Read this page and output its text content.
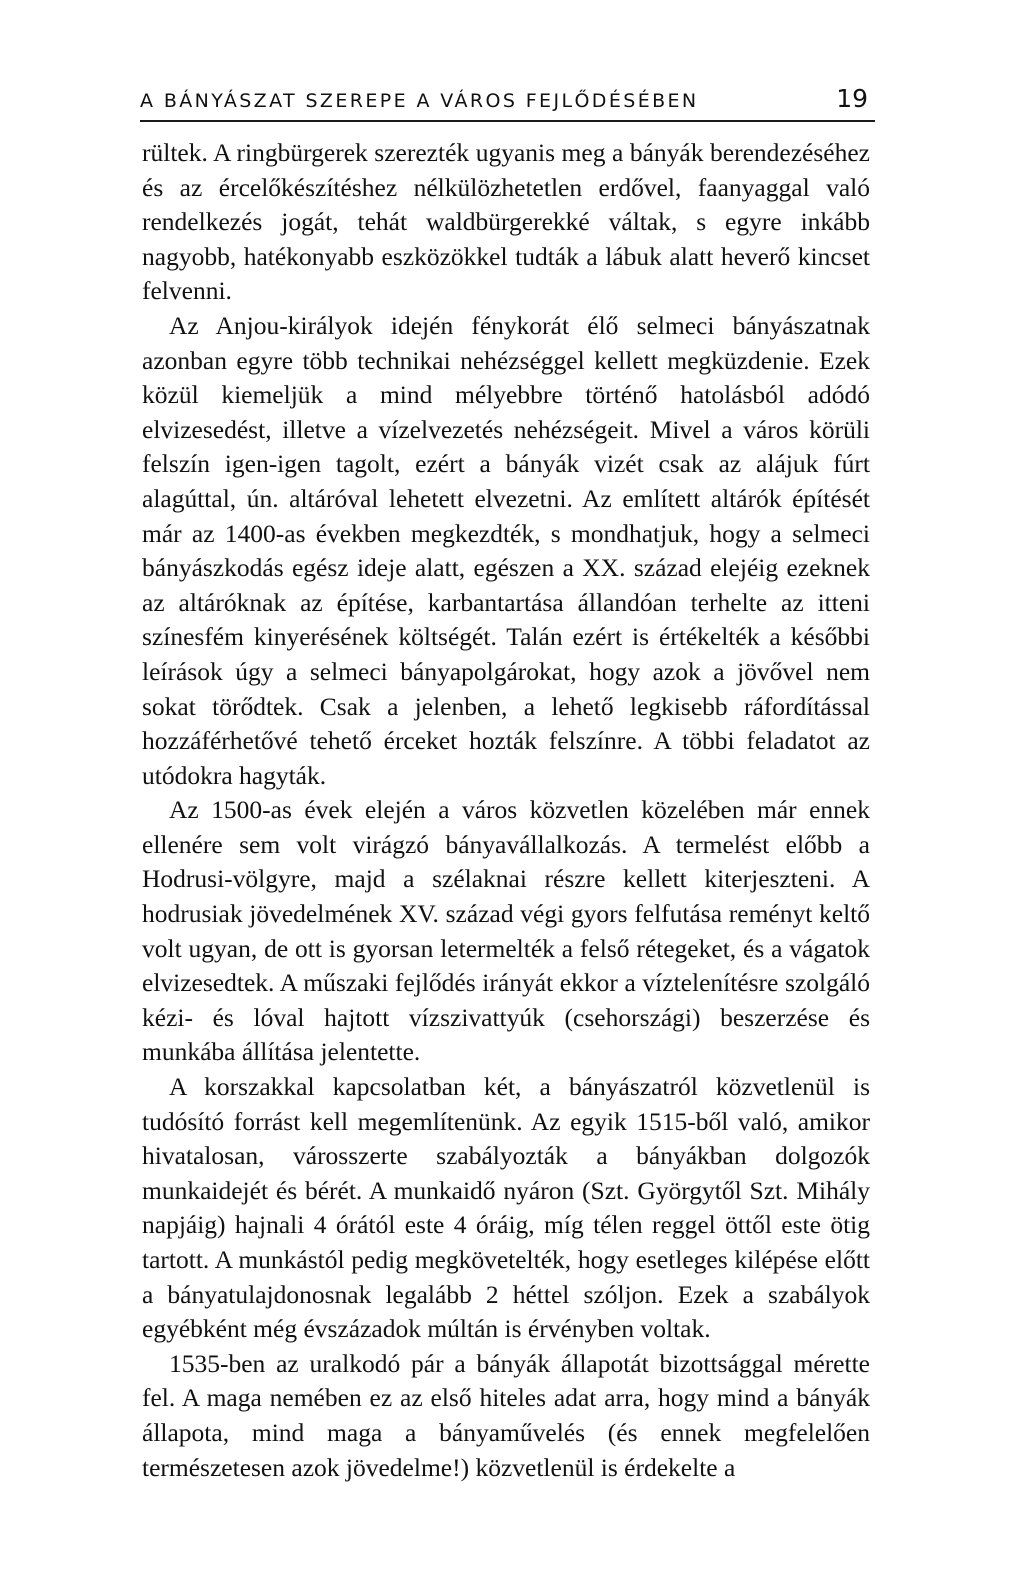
A BÁNYÁSZAT SZEREPE A VÁROS FEJLŐDÉSÉBEN	19

rültek. A ringbürgerek szerezték ugyanis meg a bányák berendezéséhez és az ércelőkészítéshez nélkülözhetetlen erdővel, faanyaggal való rendelkezés jogát, tehát waldbürgerekké váltak, s egyre inkább nagyobb, hatékonyabb eszközökkel tudták a lábuk alatt heverő kincset felvenni.

Az Anjou-királyok idején fénykorát élő selmeci bányászatnak azonban egyre több technikai nehézséggel kellett megküzdenie. Ezek közül kiemeljük a mind mélyebbre történő hatolásból adódó elvizesedést, illetve a vízelvezetés nehézségeit. Mivel a város körüli felszín igen-igen tagolt, ezért a bányák vizét csak az alájuk fúrt alagúttal, ún. altáróval lehetett elvezetni. Az említett altárók építését már az 1400-as években megkezdték, s mondhatjuk, hogy a selmeci bányászkodás egész ideje alatt, egészen a XX. század elejéig ezeknek az altáróknak az építése, karbantartása állandóan terhelte az itteni színesfém kinyerésének költségét. Talán ezért is értékelték a későbbi leírások úgy a selmeci bányapolgárokat, hogy azok a jövővel nem sokat törődtek. Csak a jelenben, a lehető legkisebb ráfordítással hozzáférhetővé tehető érceket hozták felszínre. A többi feladatot az utódokra hagyták.

Az 1500-as évek elején a város közvetlen közelében már ennek ellenére sem volt virágzó bányavállalkozás. A termelést előbb a Hodrusi-völgyre, majd a szélaknai részre kellett kiterjeszteni. A hodrusiak jövedelmének XV. század végi gyors felfutása reményt keltő volt ugyan, de ott is gyorsan letermelték a felső rétegeket, és a vágatok elvizesedtek. A műszaki fejlődés irányát ekkor a víztelenítésre szolgáló kézi- és lóval hajtott vízszivattyúk (csehországi) beszerzése és munkába állítása jelentette.

A korszakkal kapcsolatban két, a bányászatról közvetlenül is tudósító forrást kell megemlítenünk. Az egyik 1515-ből való, amikor hivatalosan, városszerte szabályozták a bányákban dolgozók munkaidejét és bérét. A munkaidő nyáron (Szt. Györgytől Szt. Mihály napjáig) hajnali 4 órától este 4 óráig, míg télen reggel öttől este ötig tartott. A munkástól pedig megkövetelték, hogy esetleges kilépése előtt a bányatulajdonosnak legalább 2 héttel szóljon. Ezek a szabályok egyébként még évszázadok múltán is érvényben voltak.

1535-ben az uralkodó pár a bányák állapotát bizottsággal mérette fel. A maga nemében ez az első hiteles adat arra, hogy mind a bányák állapota, mind maga a bányaművelés (és ennek megfelelően természetesen azok jövedelme!) közvetlenül is érdekelte a
